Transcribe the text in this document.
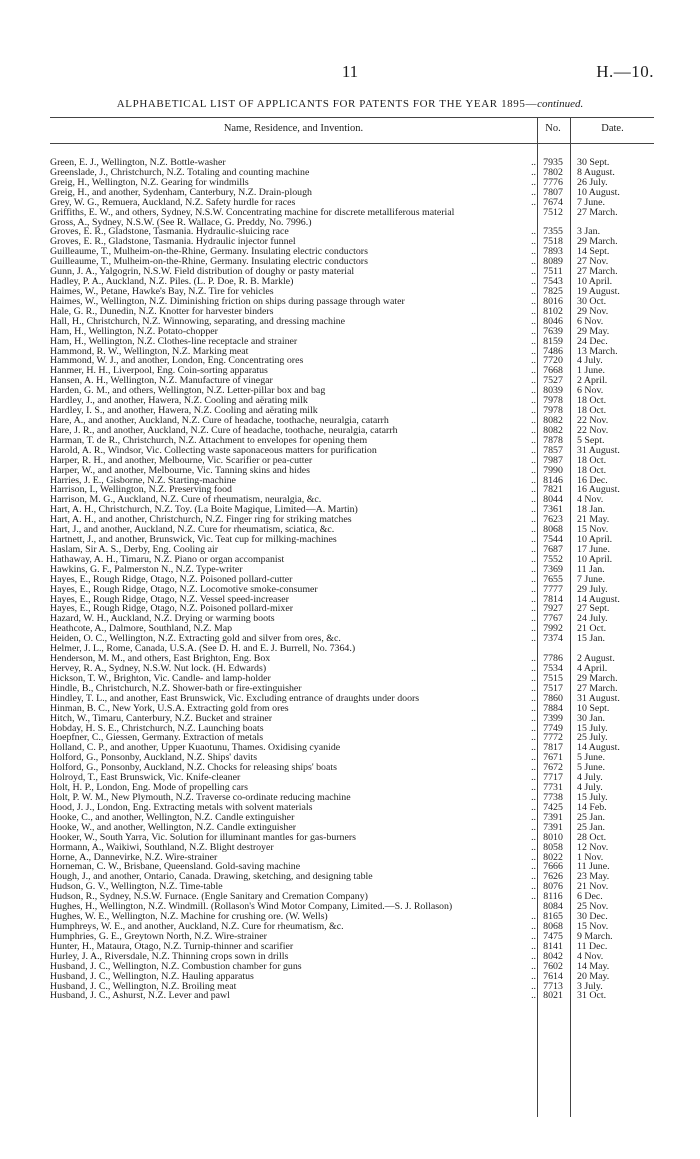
11	H.—10.
ALPHABETICAL LIST OF APPLICANTS FOR PATENTS FOR THE YEAR 1895—continued.
Name, Residence, and Invention.	No.	Date.
Green, E. J., Wellington, N.Z. Bottle-washer	.. 7935	30 Sept.
Greenslade, J., Christchurch, N.Z. Totaling and counting machine	.. 7802	8 August.
Greig, H., Wellington, N.Z. Gearing for windmills	.. 7776	26 July.
Greig, H., and another, Sydenham, Canterbury, N.Z. Drain-plough	.. 7807	10 August.
Grey, W. G., Remuera, Auckland, N.Z. Safety hurdle for races	.. 7674	7 June.
Griffiths, E. W., and others, Sydney, N.S.W. Concentrating machine for discrete metalliferous material	7512	27 March.
Gross, A., Sydney, N.S.W. (See R. Wallace, G. Preddy, No. 7996.)
Groves, E. R., Gladstone, Tasmania. Hydraulic-sluicing race	.. 7355	3 Jan.
Groves, E. R., Gladstone, Tasmania. Hydraulic injector funnel	.. 7518	29 March.
Guilleaume, T., Mulheim-on-the-Rhine, Germany. Insulating electric conductors	.. 7893	14 Sept.
Guilleaume, T., Mulheim-on-the-Rhine, Germany. Insulating electric conductors	.. 8089	27 Nov.
Gunn, J. A., Yalgogrin, N.S.W. Field distribution of doughy or pasty material	.. 7511	27 March.
Hadley, P. A., Auckland, N.Z. Piles. (L. P. Doe, R. B. Markle)	.. 7543	10 April.
Haimes, W., Petane, Hawke's Bay, N.Z. Tire for vehicles	.. 7825	19 August.
Haimes, W., Wellington, N.Z. Diminishing friction on ships during passage through water	.. 8016	30 Oct.
Hale, G. R., Dunedin, N.Z. Knotter for harvester binders	.. 8102	29 Nov.
Hall, H., Christchurch, N.Z. Winnowing, separating, and dressing machine	.. 8046	6 Nov.
Ham, H., Wellington, N.Z. Potato-chopper	.. 7639	29 May.
Ham, H., Wellington, N.Z. Clothes-line receptacle and strainer	.. 8159	24 Dec.
Hammond, R. W., Wellington, N.Z. Marking meat	.. 7486	13 March.
Hammond, W. J., and another, London, Eng. Concentrating ores	.. 7720	4 July.
Hanmer, H. H., Liverpool, Eng. Coin-sorting apparatus	.. 7668	1 June.
Hansen, A. H., Wellington, N.Z. Manufacture of vinegar	.. 7527	2 April.
Harden, G. M., and others, Wellington, N.Z. Letter-pillar box and bag	.. 8039	6 Nov.
Hardley, J., and another, Hawera, N.Z. Cooling and aërating milk	.. 7978	18 Oct.
Hardley, I. S., and another, Hawera, N.Z. Cooling and aërating milk	.. 7978	18 Oct.
Hare, A., and another, Auckland, N.Z. Cure of headache, toothache, neuralgia, catarrh	.. 8082	22 Nov.
Hare, J. R., and another, Auckland, N.Z. Cure of headache, toothache, neuralgia, catarrh	.. 8082	22 Nov.
Harman, T. de R., Christchurch, N.Z. Attachment to envelopes for opening them	.. 7878	5 Sept.
Harold, A. R., Windsor, Vic. Collecting waste saponaceous matters for purification	.. 7857	31 August.
Harper, R. H., and another, Melbourne, Vic. Scarifier or pea-cutter	.. 7987	18 Oct.
Harper, W., and another, Melbourne, Vic. Tanning skins and hides	.. 7990	18 Oct.
Harries, J. E., Gisborne, N.Z. Starting-machine	.. 8146	16 Dec.
Harrison, I., Wellington, N.Z. Preserving food	.. 7821	16 August.
Harrison, M. G., Auckland, N.Z. Cure of rheumatism, neuralgia, &c.	.. 8044	4 Nov.
Hart, A. H., Christchurch, N.Z. Toy. (La Boite Magique, Limited—A. Martin)	.. 7361	18 Jan.
Hart, A. H., and another, Christchurch, N.Z. Finger ring for striking matches	.. 7623	21 May.
Hart, J., and another, Auckland, N.Z. Cure for rheumatism, sciatica, &c.	.. 8068	15 Nov.
Hartnett, J., and another, Brunswick, Vic. Teat cup for milking-machines	.. 7544	10 April.
Haslam, Sir A. S., Derby, Eng. Cooling air	.. 7687	17 June.
Hathaway, A. H., Timaru, N.Z. Piano or organ accompanist	.. 7552	10 April.
Hawkins, G. F., Palmerston N., N.Z. Type-writer	.. 7369	11 Jan.
Hayes, E., Rough Ridge, Otago, N.Z. Poisoned pollard-cutter	.. 7655	7 June.
Hayes, E., Rough Ridge, Otago, N.Z. Locomotive smoke-consumer	.. 7777	29 July.
Hayes, E., Rough Ridge, Otago, N.Z. Vessel speed-increaser	.. 7814	14 August.
Hayes, E., Rough Ridge, Otago, N.Z. Poisoned pollard-mixer	.. 7927	27 Sept.
Hazard, W. H., Auckland, N.Z. Drying or warming boots	.. 7767	24 July.
Heathcote, A., Dalmore, Southland, N.Z. Map	.. 7992	21 Oct.
Heiden, O. C., Wellington, N.Z. Extracting gold and silver from ores, &c.	.. 7374	15 Jan.
Helmer, J. L., Rome, Canada, U.S.A. (See D. H. and E. J. Burrell, No. 7364.)
Henderson, M. M., and others, East Brighton, Eng. Box	.. 7786	2 August.
Hervey, R. A., Sydney, N.S.W. Nut lock. (H. Edwards)	.. 7534	4 April.
Hickson, T. W., Brighton, Vic. Candle- and lamp-holder	.. 7515	29 March.
Hindle, B., Christchurch, N.Z. Shower-bath or fire-extinguisher	.. 7517	27 March.
Hindley, T. L., and another, East Brunswick, Vic. Excluding entrance of draughts under doors	.. 7860	31 August.
Hinman, B. C., New York, U.S.A. Extracting gold from ores	.. 7884	10 Sept.
Hitch, W., Timaru, Canterbury, N.Z. Bucket and strainer	.. 7399	30 Jan.
Hobday, H. S. E., Christchurch, N.Z. Launching boats	.. 7749	15 July.
Hoepfner, C., Giessen, Germany. Extraction of metals	.. 7772	25 July.
Holland, C. P., and another, Upper Kuaotunu, Thames. Oxidising cyanide	.. 7817	14 August.
Holford, G., Ponsonby, Auckland, N.Z. Ships' davits	.. 7671	5 June.
Holford, G., Ponsonby, Auckland, N.Z. Chocks for releasing ships' boats	.. 7672	5 June.
Holroyd, T., East Brunswick, Vic. Knife-cleaner	.. 7717	4 July.
Holt, H. P., London, Eng. Mode of propelling cars	.. 7731	4 July.
Holt, P. W. M., New Plymouth, N.Z. Traverse co-ordinate reducing machine	.. 7738	15 July.
Hood, J. J., London, Eng. Extracting metals with solvent materials	.. 7425	14 Feb.
Hooke, C., and another, Wellington, N.Z. Candle extinguisher	.. 7391	25 Jan.
Hooke, W., and another, Wellington, N.Z. Candle extinguisher	.. 7391	25 Jan.
Hooker, W., South Yarra, Vic. Solution for illuminant mantles for gas-burners	.. 8010	28 Oct.
Hormann, A., Waikiwi, Southland, N.Z. Blight destroyer	.. 8058	12 Nov.
Horne, A., Dannevirke, N.Z. Wire-strainer	.. 8022	1 Nov.
Horneman, C. W., Brisbane, Queensland. Gold-saving machine	.. 7666	11 June.
Hough, J., and another, Ontario, Canada. Drawing, sketching, and designing table	.. 7626	23 May.
Hudson, G. V., Wellington, N.Z. Time-table	.. 8076	21 Nov.
Hudson, R., Sydney, N.S.W. Furnace. (Engle Sanitary and Cremation Company)	.. 8116	6 Dec.
Hughes, H., Wellington, N.Z. Windmill. (Rollason's Wind Motor Company, Limited.—S. J. Rollason)	8084	25 Nov.
Hughes, W. E., Wellington, N.Z. Machine for crushing ore. (W. Wells)	.. 8165	30 Dec.
Humphreys, W. E., and another, Auckland, N.Z. Cure for rheumatism, &c.	.. 8068	15 Nov.
Humphries, G. E., Greytown North, N.Z. Wire-strainer	.. 7475	9 March.
Hunter, H., Mataura, Otago, N.Z. Turnip-thinner and scarifier	.. 8141	11 Dec.
Hurley, J. A., Riversdale, N.Z. Thinning crops sown in drills	.. 8042	4 Nov.
Husband, J. C., Wellington, N.Z. Combustion chamber for guns	.. 7602	14 May.
Husband, J. C., Wellington, N.Z. Hauling apparatus	.. 7614	20 May.
Husband, J. C., Wellington, N.Z. Broiling meat	.. 7713	3 July.
Husband, J. C., Ashurst, N.Z. Lever and pawl	.. 8021	31 Oct.
